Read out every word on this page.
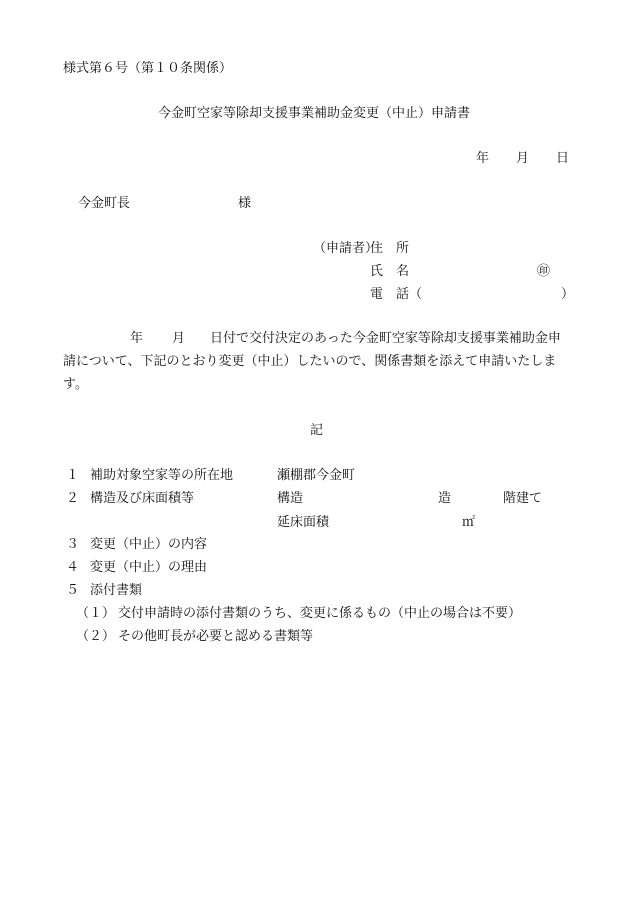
様式第６号（第１０条関係）
今金町空家等除却支援事業補助金変更（中止）申請書
年 月 日
今金町長	様
（申請者）
住　所
氏　名	㊞
電　話（	）
年 月 日付で交付決定のあった今金町空家等除却支援事業補助金申
請について、下記のとおり変更（中止）したいので、関係書類を添えて申請いたしま
す。
記
１ 補助対象空家等の所在地	瀬棚郡今金町
２ 構造及び床面積等	構造	造	階建て
延床面積	㎡
３ 変更（中止）の内容
４ 変更（中止）の理由
５ 添付書類
（１） 交付申請時の添付書類のうち、変更に係るもの（中止の場合は不要）
（２） その他町長が必要と認める書類等
